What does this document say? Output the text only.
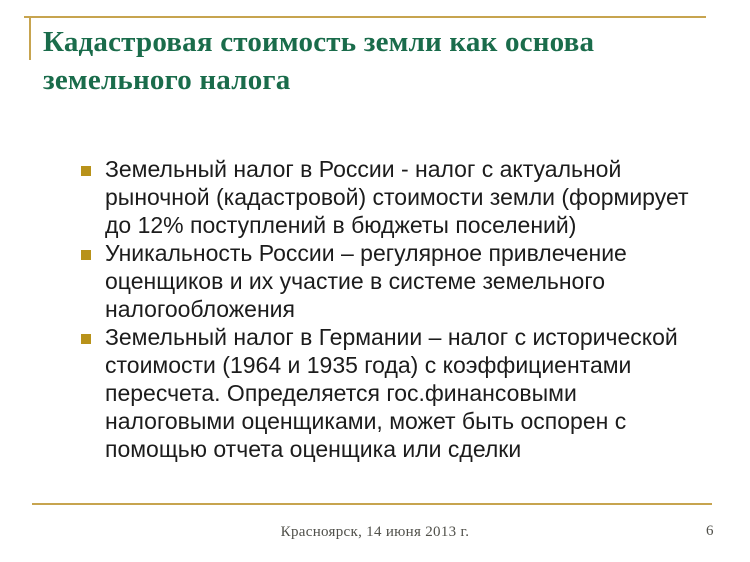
Кадастровая стоимость земли как основа
земельного налога
Земельный налог в России - налог с актуальной
рыночной (кадастровой) стоимости земли (формирует
до 12% поступлений в бюджеты поселений)
Уникальность России – регулярное привлечение
оценщиков и их участие в системе земельного
налогообложения
Земельный налог в Германии – налог с исторической
стоимости (1964 и 1935 года) с коэффициентами
пересчета. Определяется гос.финансовыми
налоговыми оценщиками, может быть оспорен с
помощью отчета оценщика или сделки
Красноярск, 14 июня 2013 г.	6
